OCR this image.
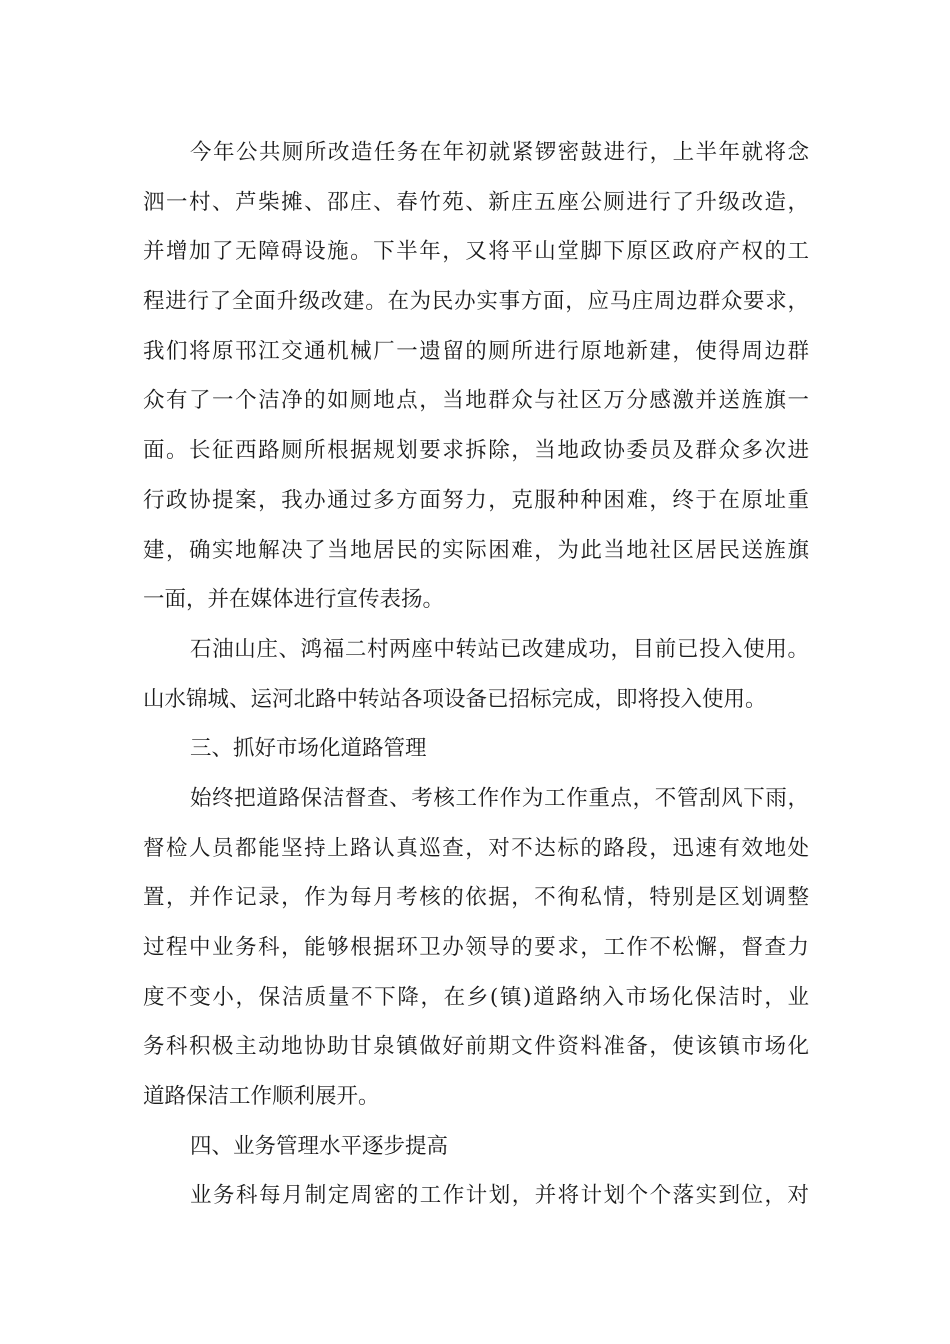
今年公共厕所改造任务在年初就紧锣密鼓进行，上半年就将念
泗一村、芦柴摊、邵庄、春竹苑、新庄五座公厕进行了升级改造，
并增加了无障碍设施。下半年，又将平山堂脚下原区政府产权的工
程进行了全面升级改建。在为民办实事方面，应马庄周边群众要求，
我们将原邗江交通机械厂一遗留的厕所进行原地新建，使得周边群
众有了一个洁净的如厕地点，当地群众与社区万分感激并送旌旗一
面。长征西路厕所根据规划要求拆除，当地政协委员及群众多次进
行政协提案，我办通过多方面努力，克服种种困难，终于在原址重
建，确实地解决了当地居民的实际困难，为此当地社区居民送旌旗
一面，并在媒体进行宣传表扬。
石油山庄、鸿福二村两座中转站已改建成功，目前已投入使用。
山水锦城、运河北路中转站各项设备已招标完成，即将投入使用。
三、抓好市场化道路管理
始终把道路保洁督查、考核工作作为工作重点，不管刮风下雨，
督检人员都能坚持上路认真巡查，对不达标的路段，迅速有效地处
置，并作记录，作为每月考核的依据，不徇私情，特别是区划调整
过程中业务科，能够根据环卫办领导的要求，工作不松懈，督查力
度不变小，保洁质量不下降，在乡(镇)道路纳入市场化保洁时，业
务科积极主动地协助甘泉镇做好前期文件资料准备，使该镇市场化
道路保洁工作顺利展开。
四、业务管理水平逐步提高
业务科每月制定周密的工作计划，并将计划个个落实到位，对
